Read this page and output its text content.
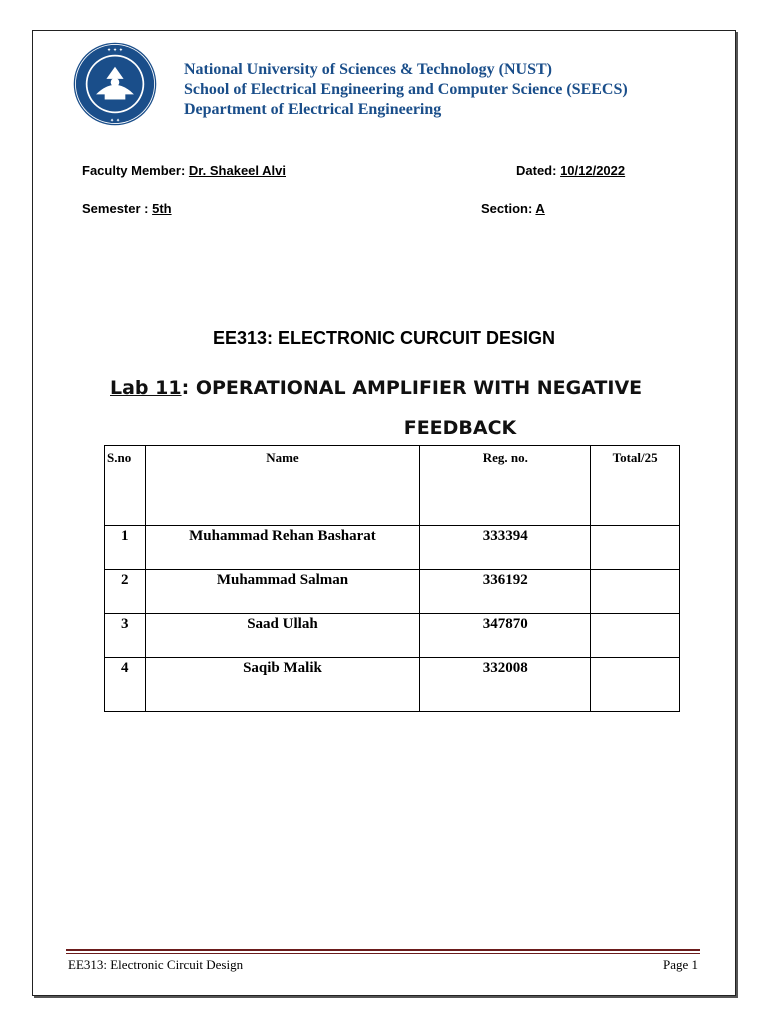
✦ ✦ ✦
✦ ✦
National University of Sciences & Technology (NUST)
School of Electrical Engineering and Computer Science (SEECS)
Department of Electrical Engineering
Faculty Member: Dr. Shakeel Alvi	Dated: 10/12/2022
Semester : 5th	Section: A
EE313: ELECTRONIC CURCUIT DESIGN
Lab 11: OPERATIONAL AMPLIFIER WITH NEGATIVE
FEEDBACK
S.no	Name	Reg. no.	Total/25
1	Muhammad Rehan Basharat	333394	
2	Muhammad Salman	336192	
3	Saad Ullah	347870	
4	Saqib Malik	332008	
EE313: Electronic Circuit Design	Page 1
